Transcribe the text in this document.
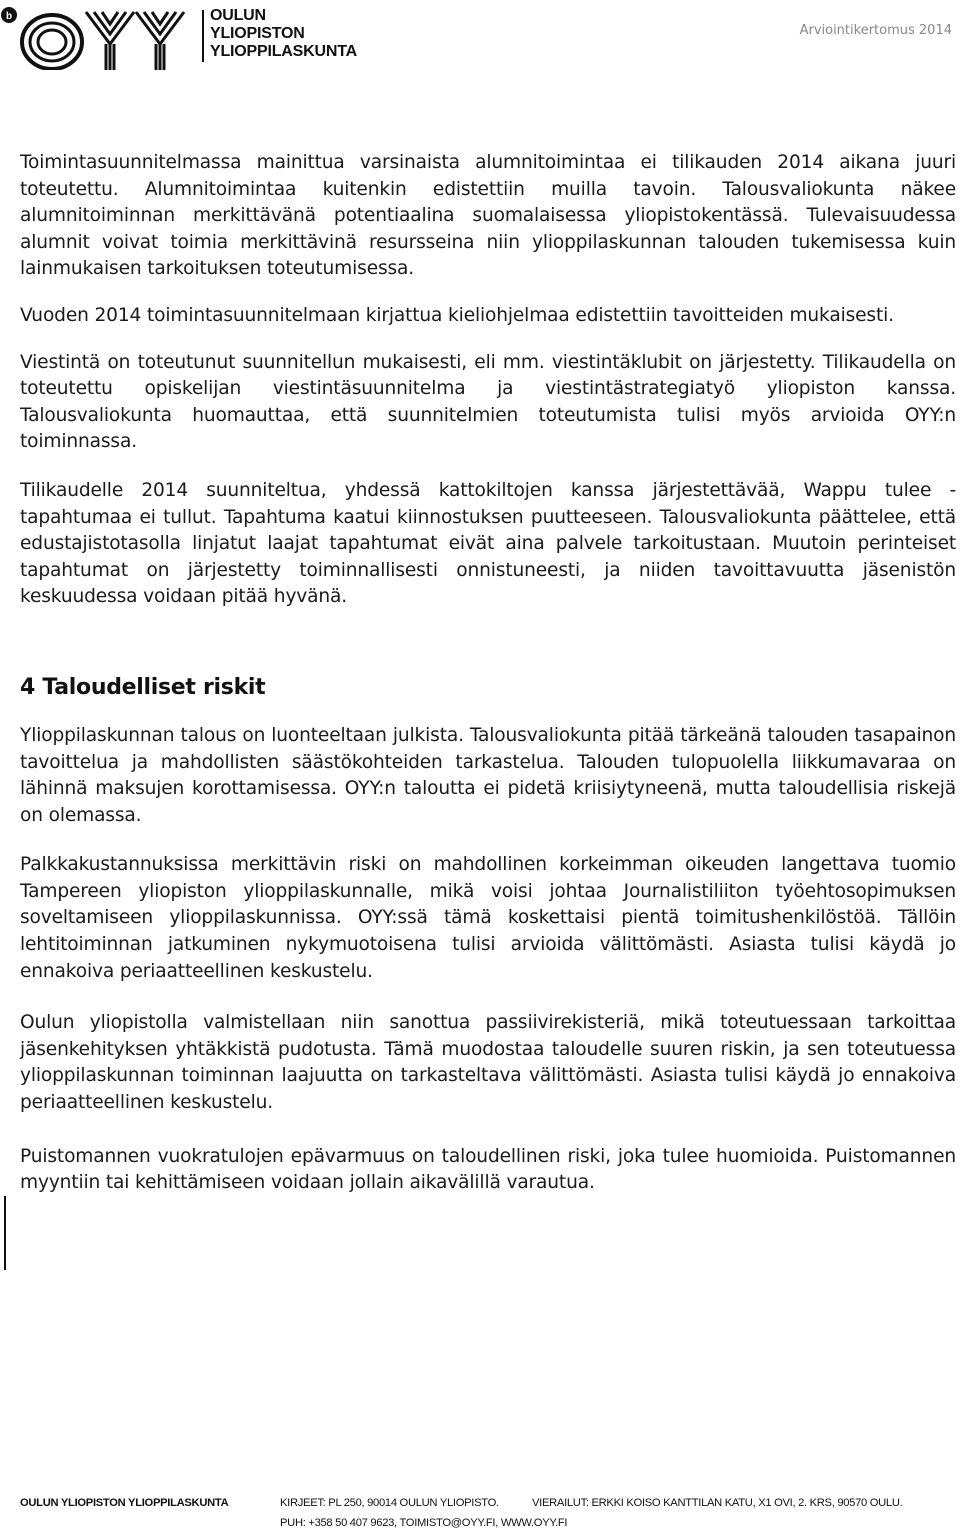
b	OULUN
YLIOPISTON
YLIOPPILASKUNTA
Arviointikertomus 2014

Toimintasuunnitelmassa mainittua varsinaista alumnitoimintaa ei tilikauden 2014 aikana juuri toteutettu. Alumnitoimintaa kuitenkin edistettiin muilla tavoin. Talousvaliokunta näkee alumnitoiminnan merkittävänä potentiaalina suomalaisessa yliopistokentässä. Tulevaisuudessa alumnit voivat toimia merkittävinä resursseina niin ylioppilaskunnan talouden tukemisessa kuin lainmukaisen tarkoituksen toteutumisessa.

Vuoden 2014 toimintasuunnitelmaan kirjattua kieliohjelmaa edistettiin tavoitteiden mukaisesti.

Viestintä on toteutunut suunnitellun mukaisesti, eli mm. viestintäklubit on järjestetty. Tilikaudella on toteutettu opiskelijan viestintäsuunnitelma ja viestintästrategiatyö yliopiston kanssa. Talousvaliokunta huomauttaa, että suunnitelmien toteutumista tulisi myös arvioida OYY:n toiminnassa.

Tilikaudelle 2014 suunniteltua, yhdessä kattokiltojen kanssa järjestettävää, Wappu tulee -tapahtumaa ei tullut. Tapahtuma kaatui kiinnostuksen puutteeseen. Talousvaliokunta päättelee, että edustajistotasolla linjatut laajat tapahtumat eivät aina palvele tarkoitustaan. Muutoin perinteiset tapahtumat on järjestetty toiminnallisesti onnistuneesti, ja niiden tavoittavuutta jäsenistön keskuudessa voidaan pitää hyvänä.

4 Taloudelliset riskit

Ylioppilaskunnan talous on luonteeltaan julkista. Talousvaliokunta pitää tärkeänä talouden tasapainon tavoittelua ja mahdollisten säästökohteiden tarkastelua. Talouden tulopuolella liikkumavaraa on lähinnä maksujen korottamisessa. OYY:n taloutta ei pidetä kriisiytyneenä, mutta taloudellisia riskejä on olemassa.

Palkkakustannuksissa merkittävin riski on mahdollinen korkeimman oikeuden langettava tuomio Tampereen yliopiston ylioppilaskunnalle, mikä voisi johtaa Journalistiliiton työehtosopimuksen soveltamiseen ylioppilaskunnissa. OYY:ssä tämä koskettaisi pientä toimitushenkilöstöä. Tällöin lehtitoiminnan jatkuminen nykymuotoisena tulisi arvioida välittömästi. Asiasta tulisi käydä jo ennakoiva periaatteellinen keskustelu.

Oulun yliopistolla valmistellaan niin sanottua passiivirekisteriä, mikä toteutuessaan tarkoittaa jäsenkehityksen yhtäkkistä pudotusta. Tämä muodostaa taloudelle suuren riskin, ja sen toteutuessa ylioppilaskunnan toiminnan laajuutta on tarkasteltava välittömästi. Asiasta tulisi käydä jo ennakoiva periaatteellinen keskustelu.

Puistomannen vuokratulojen epävarmuus on taloudellinen riski, joka tulee huomioida. Puistomannen myyntiin tai kehittämiseen voidaan jollain aikavälillä varautua.

OULUN YLIOPISTON YLIOPPILASKUNTA	KIRJEET: PL 250, 90014 OULUN YLIOPISTO.	VIERAILUT: ERKKI KOISO KANTTILAN KATU, X1 OVI, 2. KRS, 90570 OULU.
PUH: +358 50 407 9623, TOIMISTO@OYY.FI, WWW.OYY.FI
